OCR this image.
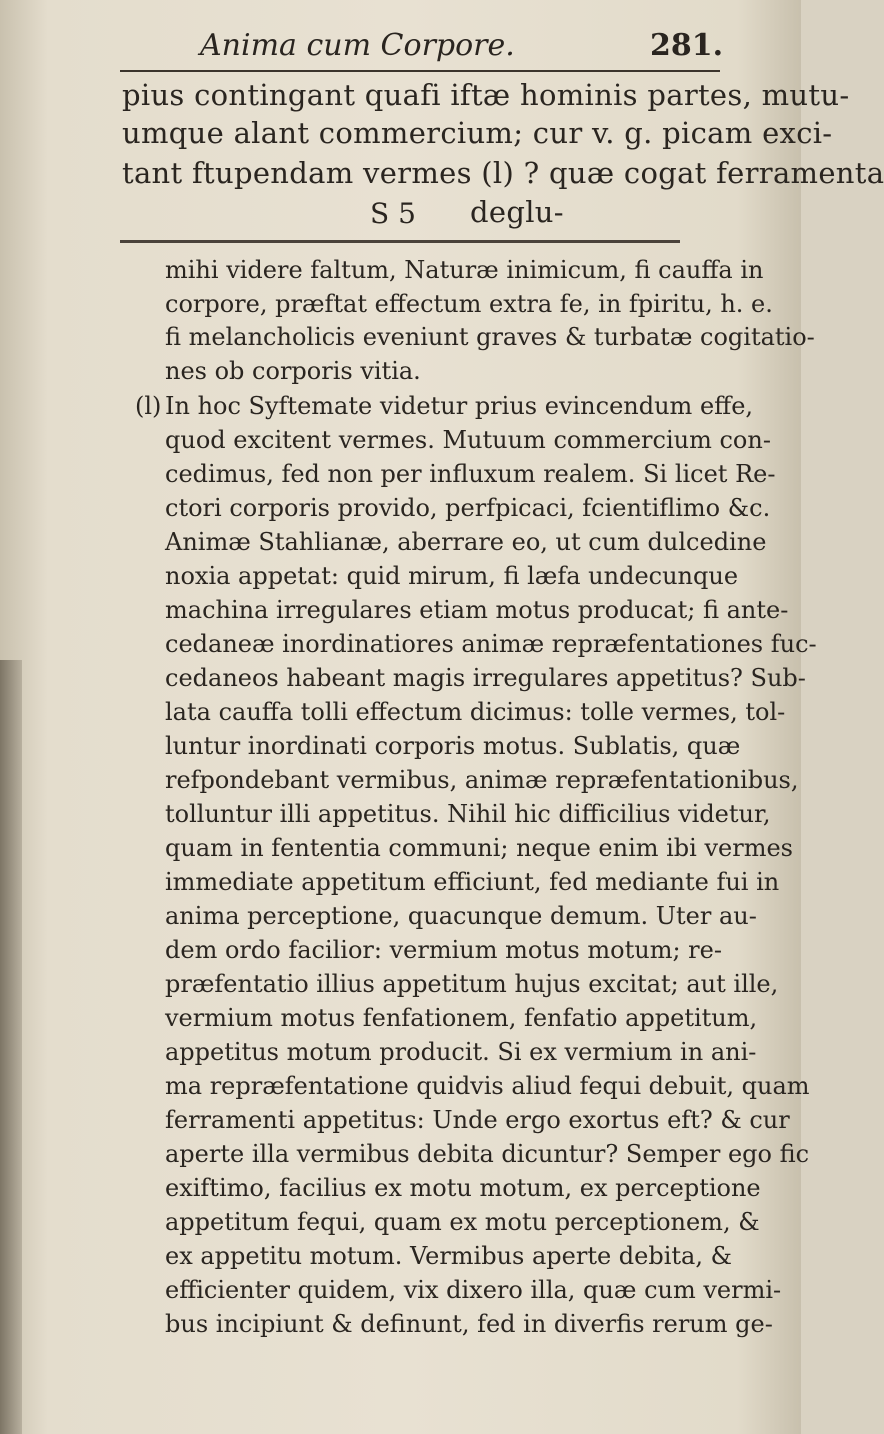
Anima cum Corpore.	281.
pius contingant quafi iftæ hominis partes, mutu-
umque alant commercium; cur v. g. picam exci-
tant ftupendam vermes (l) ? quæ cogat ferramenta
deglu-
S 5
mihi videre faltum, Naturæ inimicum, fi cauffa in
corpore, præftat effectum extra fe, in fpiritu, h. e.
fi melancholicis eveniunt graves & turbatæ cogitatio-
nes ob corporis vitia.
(l) In hoc Syftemate videtur prius evincendum effe,
quod excitent vermes. Mutuum commercium con-
cedimus, fed non per influxum realem. Si licet Re-
ctori corporis provido, perfpicaci, fcientiflimo &c.
Animæ Stahlianæ, aberrare eo, ut cum dulcedine
noxia appetat: quid mirum, fi læfa undecunque
machina irregulares etiam motus producat; fi ante-
cedaneæ inordinatiores animæ repræfentationes fuc-
cedaneos habeant magis irregulares appetitus? Sub-
lata cauffa tolli effectum dicimus: tolle vermes, tol-
luntur inordinati corporis motus. Sublatis, quæ
refpondebant vermibus, animæ repræfentationibus,
tolluntur illi appetitus. Nihil hic difficilius videtur,
quam in fententia communi; neque enim ibi vermes
immediate appetitum efficiunt, fed mediante fui in
anima perceptione, quacunque demum. Uter au-
dem ordo facilior: vermium motus motum; re-
præfentatio illius appetitum hujus excitat; aut ille,
vermium motus fenfationem, fenfatio appetitum,
appetitus motum producit. Si ex vermium in ani-
ma repræfentatione quidvis aliud fequi debuit, quam
ferramenti appetitus: Unde ergo exortus eft? & cur
aperte illa vermibus debita dicuntur? Semper ego fic
exiftimo, facilius ex motu motum, ex perceptione
appetitum fequi, quam ex motu perceptionem, &
ex appetitu motum. Vermibus aperte debita, &
efficienter quidem, vix dixero illa, quæ cum vermi-
bus incipiunt & definunt, fed in diverfis rerum ge-
